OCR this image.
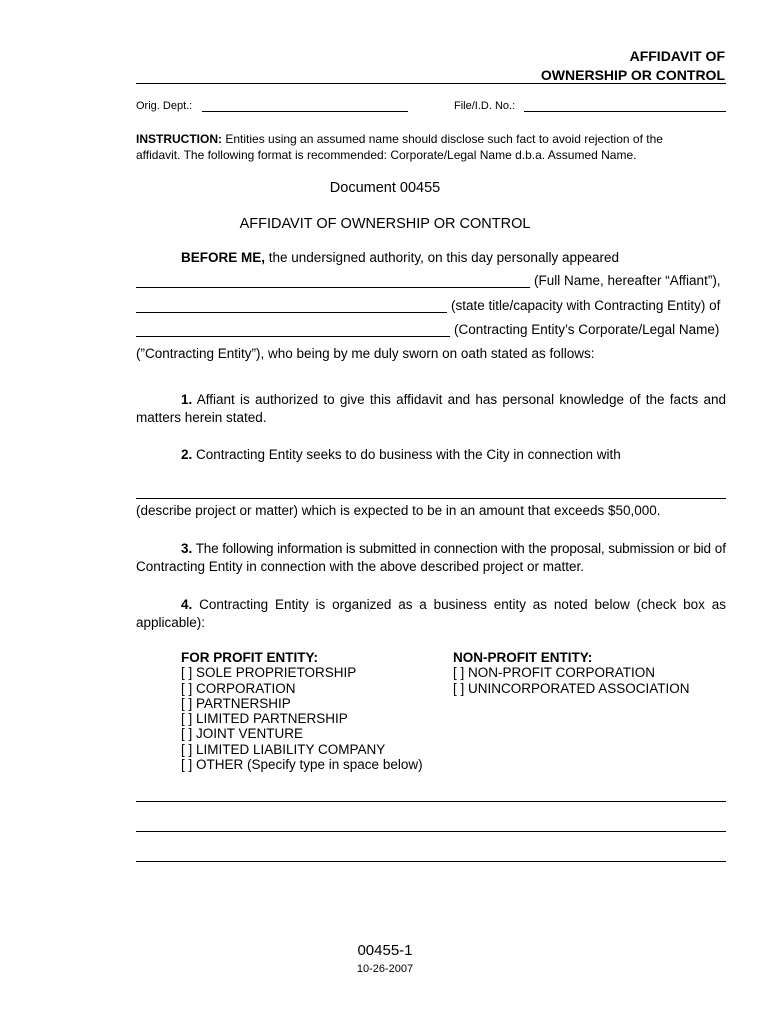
AFFIDAVIT OF
OWNERSHIP OR CONTROL
Orig. Dept.:	File/I.D. No.:
INSTRUCTION: Entities using an assumed name should disclose such fact to avoid rejection of the
affidavit. The following format is recommended: Corporate/Legal Name d.b.a. Assumed Name.
Document 00455
AFFIDAVIT OF OWNERSHIP OR CONTROL
BEFORE ME, the undersigned authority, on this day personally appeared
(Full Name, hereafter “Affiant”),
(state title/capacity with Contracting Entity) of
(Contracting Entity’s Corporate/Legal Name)
(”Contracting Entity”), who being by me duly sworn on oath stated as follows:
1. Affiant is authorized to give this affidavit and has personal knowledge of the facts and matters herein stated.
2. Contracting Entity seeks to do business with the City in connection with
(describe project or matter) which is expected to be in an amount that exceeds $50,000.
3. The following information is submitted in connection with the proposal, submission or bid of Contracting Entity in connection with the above described project or matter.
4. Contracting Entity is organized as a business entity as noted below (check box as applicable):
FOR PROFIT ENTITY:
[ ] SOLE PROPRIETORSHIP
[ ] CORPORATION
[ ] PARTNERSHIP
[ ] LIMITED PARTNERSHIP
[ ] JOINT VENTURE
[ ] LIMITED LIABILITY COMPANY
[ ] OTHER (Specify type in space below)
NON-PROFIT ENTITY:
[ ] NON-PROFIT CORPORATION
[ ] UNINCORPORATED ASSOCIATION
00455-1
10-26-2007
